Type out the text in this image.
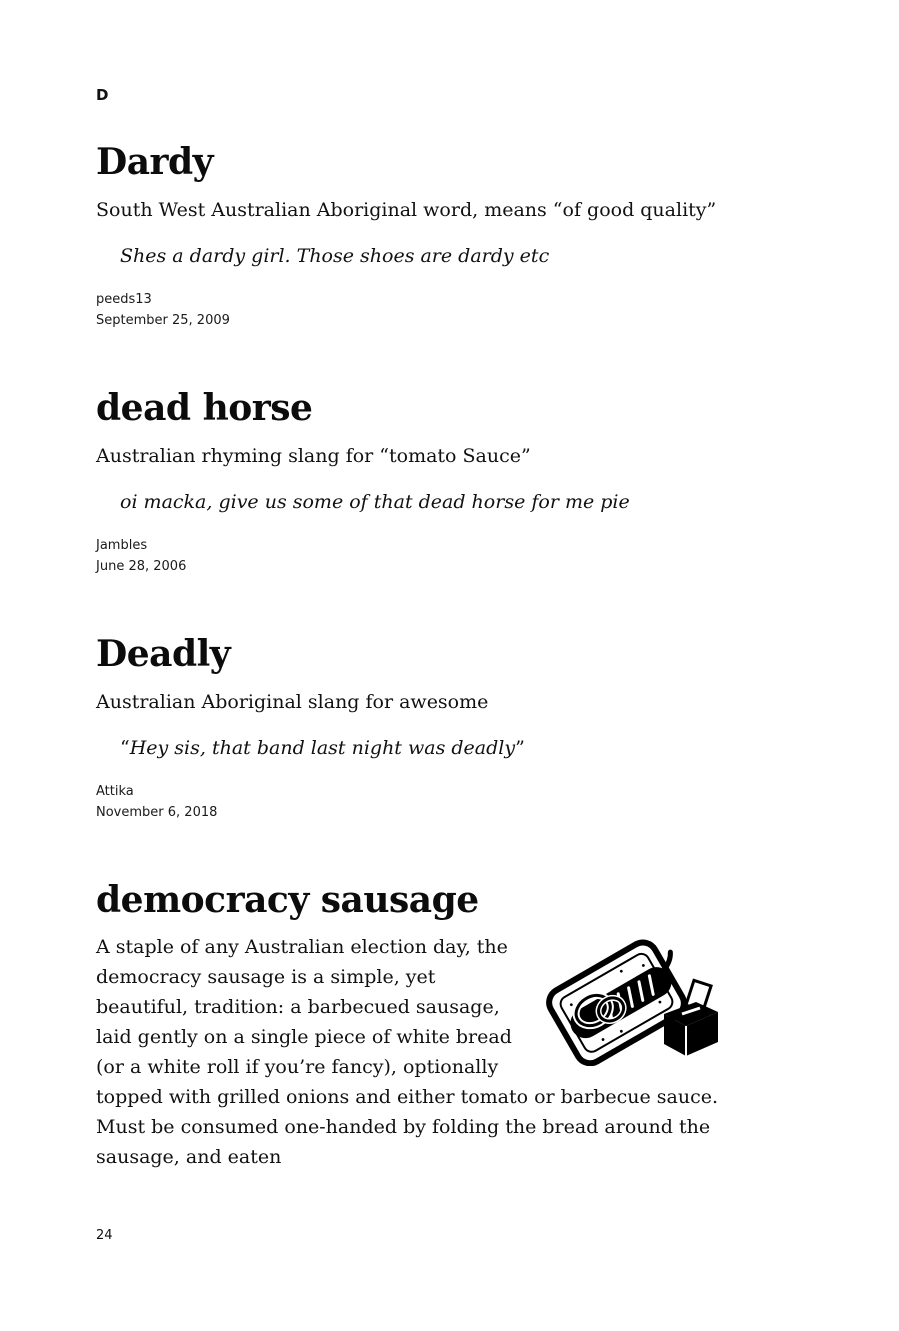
D
Dardy

South West Australian Aboriginal word, means “of good quality”

Shes a dardy girl. Those shoes are dardy etc

peeds13
September 25, 2009
dead horse

Australian rhyming slang for “tomato Sauce”

oi macka, give us some of that dead horse for me pie

Jambles
June 28, 2006
Deadly

Australian Aboriginal slang for awesome

“Hey sis, that band last night was deadly”

Attika
November 6, 2018
democracy sausage
A staple of any Australian election day, the democracy sausage is a simple, yet beautiful, tradition: a barbecued sausage, laid gently on a single piece of white bread (or a white roll if you’re fancy), optionally topped with grilled onions and either tomato or barbecue sauce. Must be consumed one-handed by folding the bread around the sausage, and eaten
24
